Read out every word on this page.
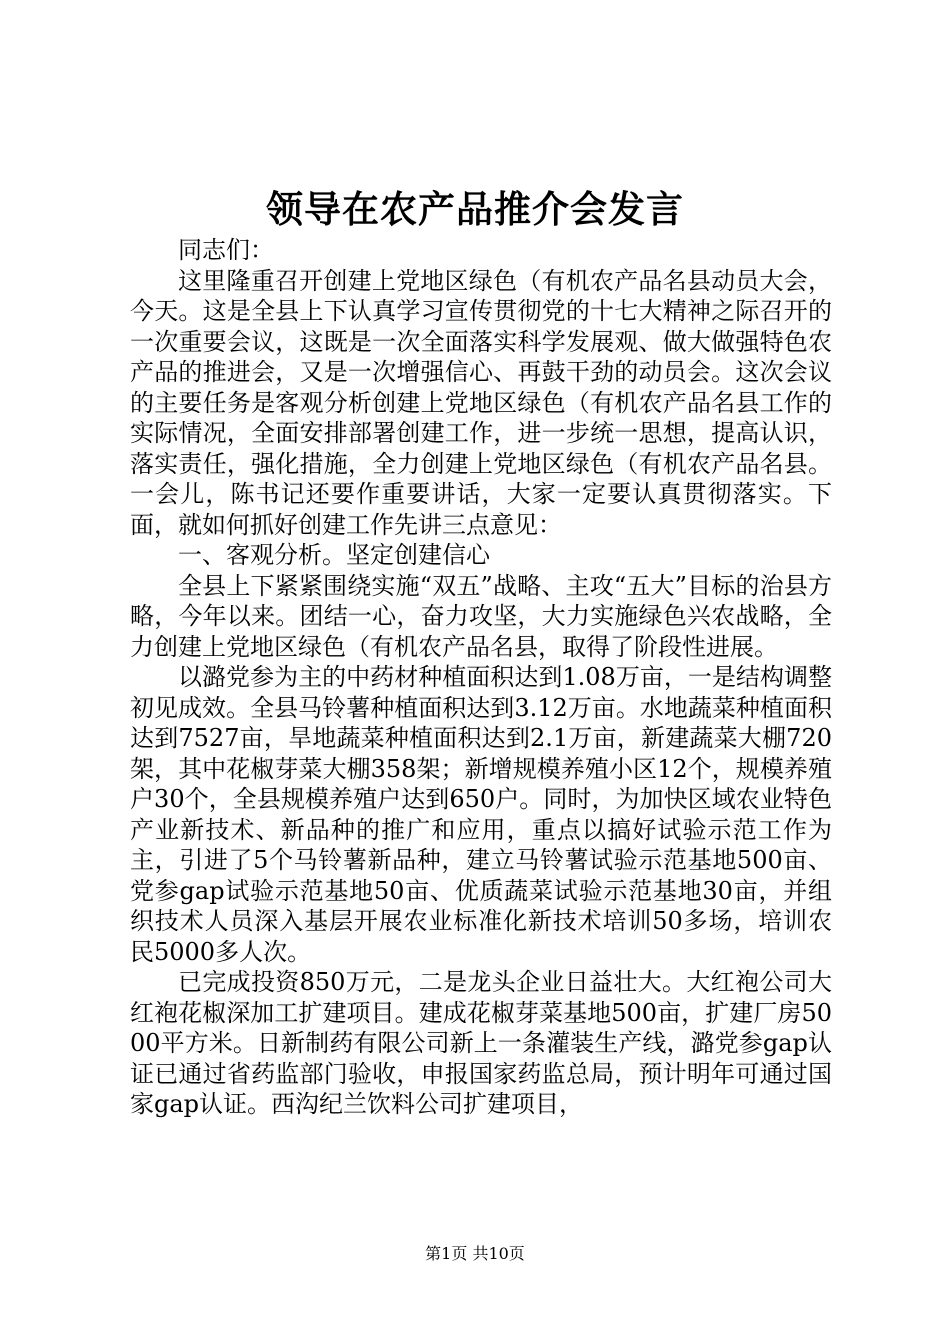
领导在农产品推介会发言

同志们：

这里隆重召开创建上党地区绿色（有机农产品名县动员大会，今天。这是全县上下认真学习宣传贯彻党的十七大精神之际召开的一次重要会议，这既是一次全面落实科学发展观、做大做强特色农产品的推进会，又是一次增强信心、再鼓干劲的动员会。这次会议的主要任务是客观分析创建上党地区绿色（有机农产品名县工作的实际情况，全面安排部署创建工作，进一步统一思想，提高认识，落实责任，强化措施，全力创建上党地区绿色（有机农产品名县。一会儿，陈书记还要作重要讲话，大家一定要认真贯彻落实。下面，就如何抓好创建工作先讲三点意见：

一、客观分析。坚定创建信心

全县上下紧紧围绕实施“双五”战略、主攻“五大”目标的治县方略，今年以来。团结一心，奋力攻坚，大力实施绿色兴农战略，全力创建上党地区绿色（有机农产品名县，取得了阶段性进展。

以潞党参为主的中药材种植面积达到1.08万亩，一是结构调整初见成效。全县马铃薯种植面积达到3.12万亩。水地蔬菜种植面积达到7527亩，旱地蔬菜种植面积达到2.1万亩，新建蔬菜大棚720架，其中花椒芽菜大棚358架；新增规模养殖小区12个，规模养殖户30个，全县规模养殖户达到650户。同时，为加快区域农业特色产业新技术、新品种的推广和应用，重点以搞好试验示范工作为主，引进了5个马铃薯新品种，建立马铃薯试验示范基地500亩、党参gap试验示范基地50亩、优质蔬菜试验示范基地30亩，并组织技术人员深入基层开展农业标准化新技术培训50多场，培训农民5000多人次。

已完成投资850万元，二是龙头企业日益壮大。大红袍公司大红袍花椒深加工扩建项目。建成花椒芽菜基地500亩，扩建厂房5000平方米。日新制药有限公司新上一条灌装生产线，潞党参gap认证已通过省药监部门验收，申报国家药监总局，预计明年可通过国家gap认证。西沟纪兰饮料公司扩建项目，

第1页 共10页
